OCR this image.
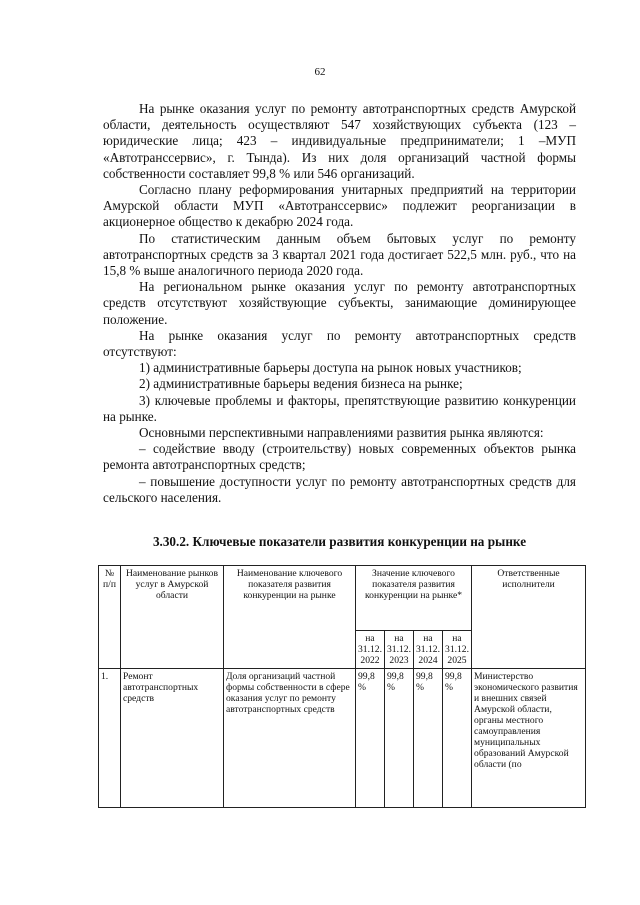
62

На рынке оказания услуг по ремонту автотранспортных средств Амурской области, деятельность осуществляют 547 хозяйствующих субъекта (123 – юридические лица; 423 – индивидуальные предприниматели; 1 –МУП «Автотранссервис», г. Тында). Из них доля организаций частной формы собственности составляет 99,8 % или 546 организаций.

Согласно плану реформирования унитарных предприятий на территории Амурской области МУП «Автотранссервис» подлежит реорганизации в акционерное общество к декабрю 2024 года.

По статистическим данным объем бытовых услуг по ремонту автотранспортных средств за 3 квартал 2021 года достигает 522,5 млн. руб., что на 15,8 % выше аналогичного периода 2020 года.

На региональном рынке оказания услуг по ремонту автотранспортных средств отсутствуют хозяйствующие субъекты, занимающие доминирующее положение.

На рынке оказания услуг по ремонту автотранспортных средств отсутствуют:

1) административные барьеры доступа на рынок новых участников;

2) административные барьеры ведения бизнеса на рынке;

3) ключевые проблемы и факторы, препятствующие развитию конкуренции на рынке.

Основными перспективными направлениями развития рынка являются:

– содействие вводу (строительству) новых современных объектов рынка ремонта автотранспортных средств;

– повышение доступности услуг по ремонту автотранспортных средств для сельского населения.

3.30.2. Ключевые показатели развития конкуренции на рынке
№ п/п	Наименование рынков услуг в Амурской области	Наименование ключевого показателя развития конкуренции на рынке	Значение ключевого показателя развития конкуренции на рынке*				Ответственные исполнители
			на 31.12. 2022	на 31.12. 2023	на 31.12. 2024	на 31.12. 2025	
1.	Ремонт автотранспортных средств	Доля организаций частной формы собственности в сфере оказания услуг по ремонту автотранспортных средств	99,8 %	99,8 %	99,8 %	99,8 %	Министерство экономического развития и внешних связей Амурской области, органы местного самоуправления муниципальных образований Амурской области (по
